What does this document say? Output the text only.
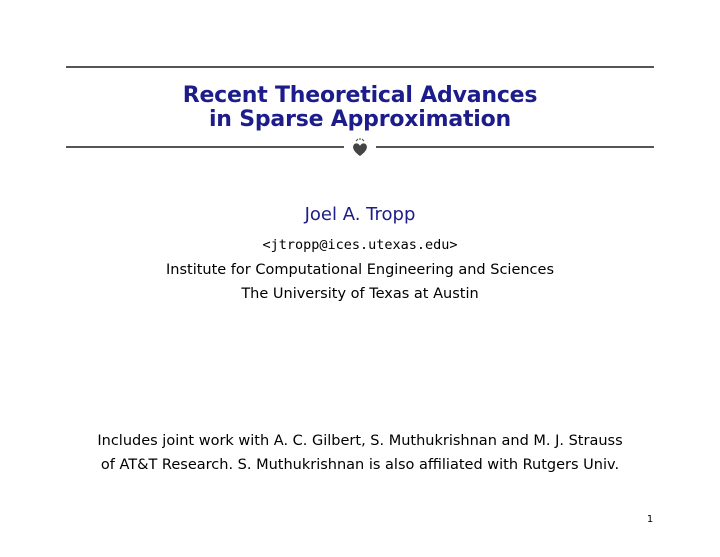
Recent Theoretical Advances
in Sparse Approximation
Joel A. Tropp
<jtropp@ices.utexas.edu>
Institute for Computational Engineering and Sciences
The University of Texas at Austin
Includes joint work with A. C. Gilbert, S. Muthukrishnan and M. J. Strauss
of AT&T Research. S. Muthukrishnan is also affiliated with Rutgers Univ.
1
